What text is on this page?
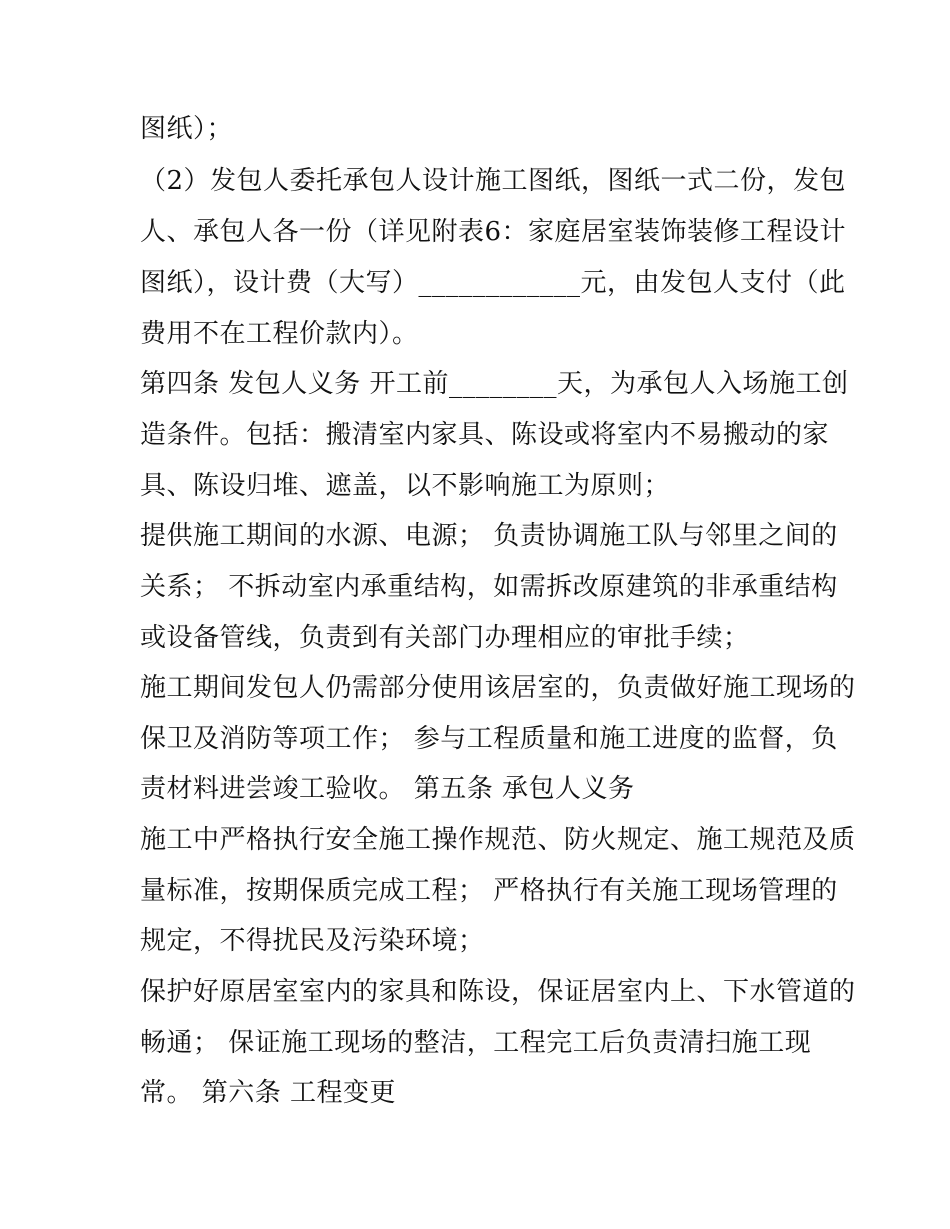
图纸）；
（2）发包人委托承包人设计施工图纸，图纸一式二份，发包
人、承包人各一份（详见附表6：家庭居室装饰装修工程设计
图纸），设计费（大写）____________元，由发包人支付（此
费用不在工程价款内）。
第四条 发包人义务 开工前________天，为承包人入场施工创
造条件。包括：搬清室内家具、陈设或将室内不易搬动的家
具、陈设归堆、遮盖，以不影响施工为原则；
提供施工期间的水源、电源； 负责协调施工队与邻里之间的
关系； 不拆动室内承重结构，如需拆改原建筑的非承重结构
或设备管线，负责到有关部门办理相应的审批手续；
施工期间发包人仍需部分使用该居室的，负责做好施工现场的
保卫及消防等项工作； 参与工程质量和施工进度的监督，负
责材料进尝竣工验收。 第五条 承包人义务
施工中严格执行安全施工操作规范、防火规定、施工规范及质
量标准，按期保质完成工程； 严格执行有关施工现场管理的
规定，不得扰民及污染环境；
保护好原居室室内的家具和陈设，保证居室内上、下水管道的
畅通； 保证施工现场的整洁，工程完工后负责清扫施工现
常。 第六条 工程变更
